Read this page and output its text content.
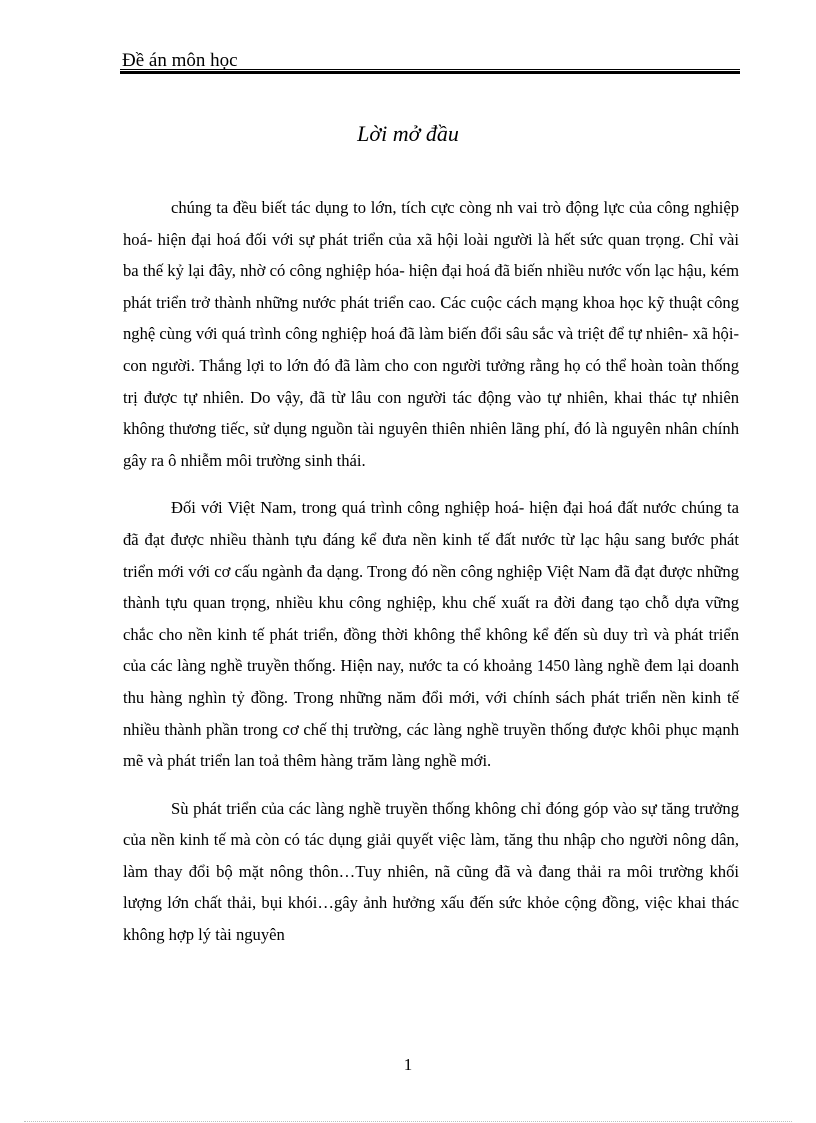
Đề án môn học
Lời mở đầu

chúng ta đều biết tác dụng to lớn, tích cực còng nh vai trò động lực của công nghiệp hoá- hiện đại hoá đối với sự phát triển của xã hội loài người là hết sức quan trọng. Chỉ vài ba thế kỷ lại đây, nhờ có công nghiệp hóa- hiện đại hoá đã biến nhiều nước vốn lạc hậu, kém phát triển trở thành những nước phát triển cao. Các cuộc cách mạng khoa học kỹ thuật công nghệ cùng với quá trình công nghiệp hoá đã làm biến đổi sâu sắc và triệt để tự nhiên- xã hội- con người. Thắng lợi to lớn đó đã làm cho con người tưởng rằng họ có thể hoàn toàn thống trị được tự nhiên. Do vậy, đã từ lâu con người tác động vào tự nhiên, khai thác tự nhiên không thương tiếc, sử dụng nguồn tài nguyên thiên nhiên lãng phí, đó là nguyên nhân chính gây ra ô nhiễm môi trường sinh thái.

Đối với Việt Nam, trong quá trình công nghiệp hoá- hiện đại hoá đất nước chúng ta đã đạt được nhiều thành tựu đáng kể đưa nền kinh tế đất nước từ lạc hậu sang bước phát triển mới với cơ cấu ngành đa dạng. Trong đó nền công nghiệp Việt Nam đã đạt được những thành tựu quan trọng, nhiều khu công nghiệp, khu chế xuất ra đời đang tạo chỗ dựa vững chắc cho nền kinh tế phát triển, đồng thời không thể không kể đến sù duy trì và phát triển của các làng nghề truyền thống. Hiện nay, nước ta có khoảng 1450 làng nghề đem lại doanh thu hàng nghìn tỷ đồng. Trong những năm đổi mới, với chính sách phát triển nền kinh tế nhiều thành phần trong cơ chế thị trường, các làng nghề truyền thống được khôi phục mạnh mẽ và phát triển lan toả thêm hàng trăm làng nghề mới.

Sù phát triển của các làng nghề truyền thống không chỉ đóng góp vào sự tăng trưởng của nền kinh tế mà còn có tác dụng giải quyết việc làm, tăng thu nhập cho người nông dân, làm thay đổi bộ mặt nông thôn…Tuy nhiên, nã cũng đã và đang thải ra môi trường khối lượng lớn chất thải, bụi khói…gây ảnh hưởng xấu đến sức khỏe cộng đồng, việc khai thác không hợp lý tài nguyên

1
